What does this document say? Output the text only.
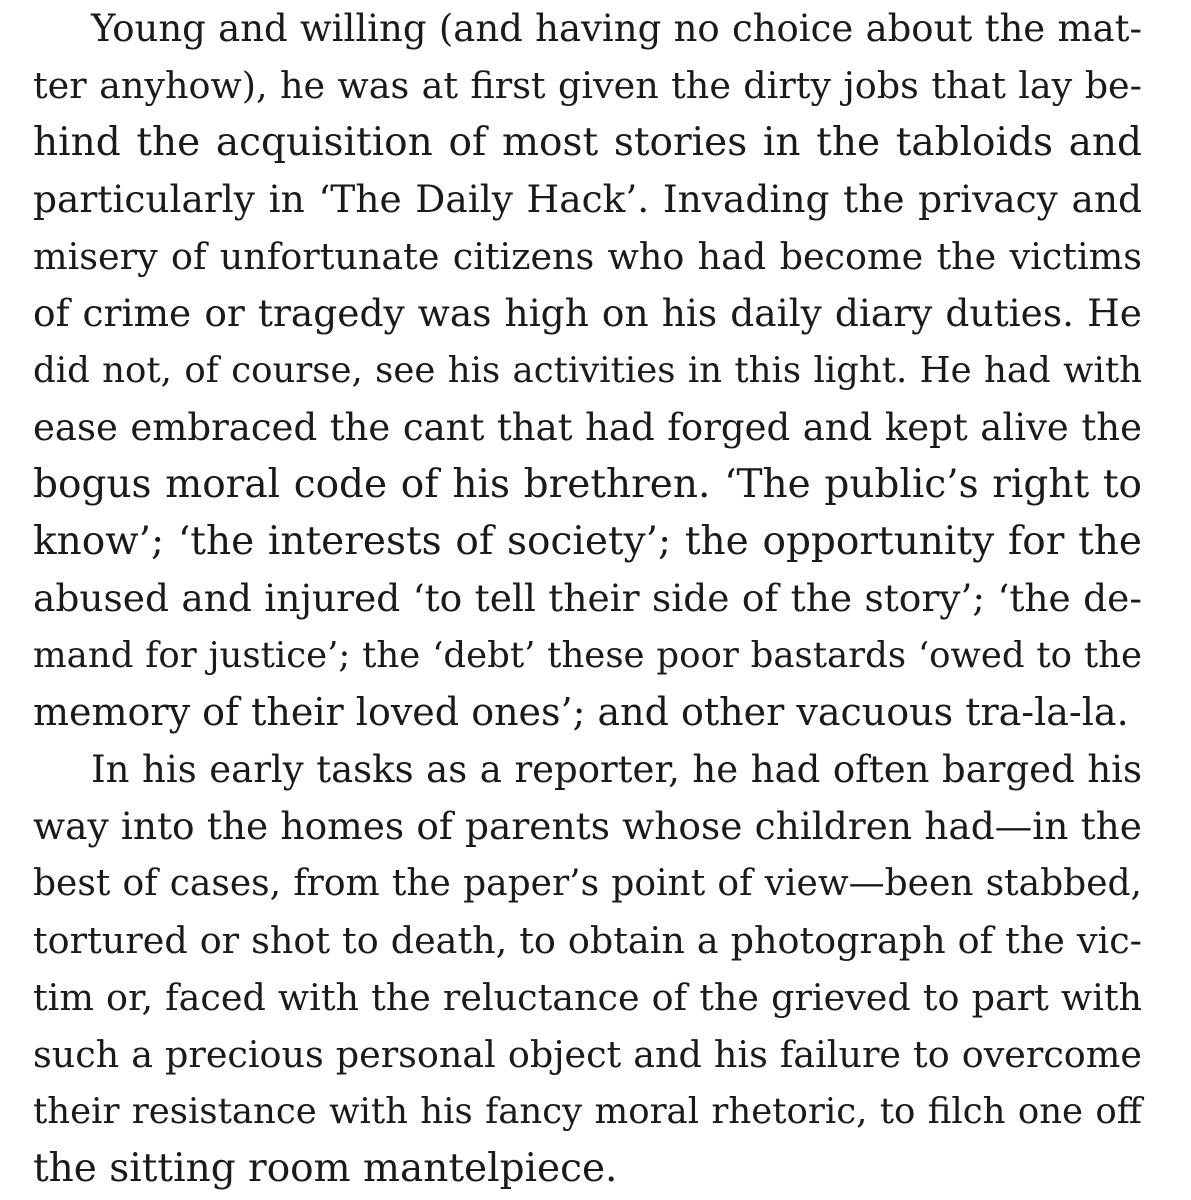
Young and willing (and having no choice about the mat-
ter anyhow), he was at first given the dirty jobs that lay be-
hind the acquisition of most stories in the tabloids and
particularly in ‘The Daily Hack’. Invading the privacy and
misery of unfortunate citizens who had become the victims
of crime or tragedy was high on his daily diary duties. He
did not, of course, see his activities in this light. He had with
ease embraced the cant that had forged and kept alive the
bogus moral code of his brethren. ‘The public’s right to
know’; ‘the interests of society’; the opportunity for the
abused and injured ‘to tell their side of the story’; ‘the de-
mand for justice’; the ‘debt’ these poor bastards ‘owed to the
memory of their loved ones’; and other vacuous tra-la-la.
In his early tasks as a reporter, he had often barged his
way into the homes of parents whose children had—in the
best of cases, from the paper’s point of view—been stabbed,
tortured or shot to death, to obtain a photograph of the vic-
tim or, faced with the reluctance of the grieved to part with
such a precious personal object and his failure to overcome
their resistance with his fancy moral rhetoric, to filch one off
the sitting room mantelpiece.
